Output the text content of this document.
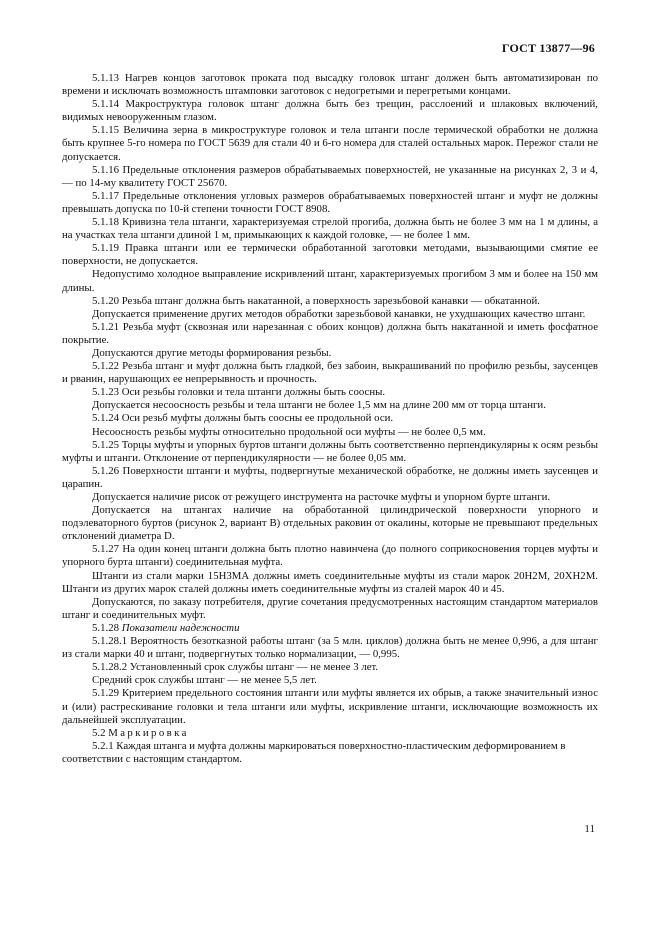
ГОСТ 13877—96

5.1.13 Нагрев концов заготовок проката под высадку головок штанг должен быть автоматизирован по времени и исключать возможность штамповки заготовок с недогретыми и перегретыми концами.

5.1.14 Макроструктура головок штанг должна быть без трещин, расслоений и шлаковых включений, видимых невооруженным глазом.

5.1.15 Величина зерна в микроструктуре головок и тела штанги после термической обработки не должна быть крупнее 5-го номера по ГОСТ 5639 для стали 40 и 6-го номера для сталей остальных марок. Пережог стали не допускается.

5.1.16 Предельные отклонения размеров обрабатываемых поверхностей, не указанные на рисунках 2, 3 и 4, — по 14-му квалитету ГОСТ 25670.

5.1.17 Предельные отклонения угловых размеров обрабатываемых поверхностей штанг и муфт не должны превышать допуска по 10-й степени точности ГОСТ 8908.

5.1.18 Кривизна тела штанги, характеризуемая стрелой прогиба, должна быть не более 3 мм на 1 м длины, а на участках тела штанги длиной 1 м, примыкающих к каждой головке, — не более 1 мм.

5.1.19 Правка штанги или ее термически обработанной заготовки методами, вызывающими смятие ее поверхности, не допускается.

Недопустимо холодное выправление искривлений штанг, характеризуемых прогибом 3 мм и более на 150 мм длины.

5.1.20 Резьба штанг должна быть накатанной, а поверхность зарезьбовой канавки — обкатанной.

Допускается применение других методов обработки зарезьбовой канавки, не ухудшающих качество штанг.

5.1.21 Резьба муфт (сквозная или нарезанная с обоих концов) должна быть накатанной и иметь фосфатное покрытие.

Допускаются другие методы формирования резьбы.

5.1.22 Резьба штанг и муфт должна быть гладкой, без забоин, выкрашиваний по профилю резьбы, заусенцев и рванин, нарушающих ее непрерывность и прочность.

5.1.23 Оси резьбы головки и тела штанги должны быть соосны.

Допускается несоосность резьбы и тела штанги не более 1,5 мм на длине 200 мм от торца штанги.

5.1.24 Оси резьб муфты должны быть соосны ее продольной оси.

Несоосность резьбы муфты относительно продольной оси муфты — не более 0,5 мм.

5.1.25 Торцы муфты и упорных буртов штанги должны быть соответственно перпендикулярны к осям резьбы муфты и штанги. Отклонение от перпендикулярности — не более 0,05 мм.

5.1.26 Поверхности штанги и муфты, подвергнутые механической обработке, не должны иметь заусенцев и царапин.

Допускается наличие рисок от режущего инструмента на расточке муфты и упорном бурте штанги.

Допускается на штангах наличие на обработанной цилиндрической поверхности упорного и подэлеваторного буртов (рисунок 2, вариант В) отдельных раковин от окалины, которые не превышают предельных отклонений диаметра D.

5.1.27 На один конец штанги должна быть плотно навинчена (до полного соприкосновения торцев муфты и упорного бурта штанги) соединительная муфта.

Штанги из стали марки 15Н3МА должны иметь соединительные муфты из стали марок 20Н2М, 20ХН2М. Штанги из других марок сталей должны иметь соединительные муфты из сталей марок 40 и 45.

Допускаются, по заказу потребителя, другие сочетания предусмотренных настоящим стандартом материалов штанг и соединительных муфт.

5.1.28 Показатели надежности

5.1.28.1 Вероятность безотказной работы штанг (за 5 млн. циклов) должна быть не менее 0,996, а для штанг из стали марки 40 и штанг, подвергнутых только нормализации, — 0,995.

5.1.28.2 Установленный срок службы штанг — не менее 3 лет.

Средний срок службы штанг — не менее 5,5 лет.

5.1.29 Критерием предельного состояния штанги или муфты является их обрыв, а также значительный износ и (или) растрескивание головки и тела штанги или муфты, искривление штанги, исключающие возможность их дальнейшей эксплуатации.

5.2 Маркировка

5.2.1 Каждая штанга и муфта должны маркироваться поверхностно-пластическим деформированием в соответствии с настоящим стандартом.

11
